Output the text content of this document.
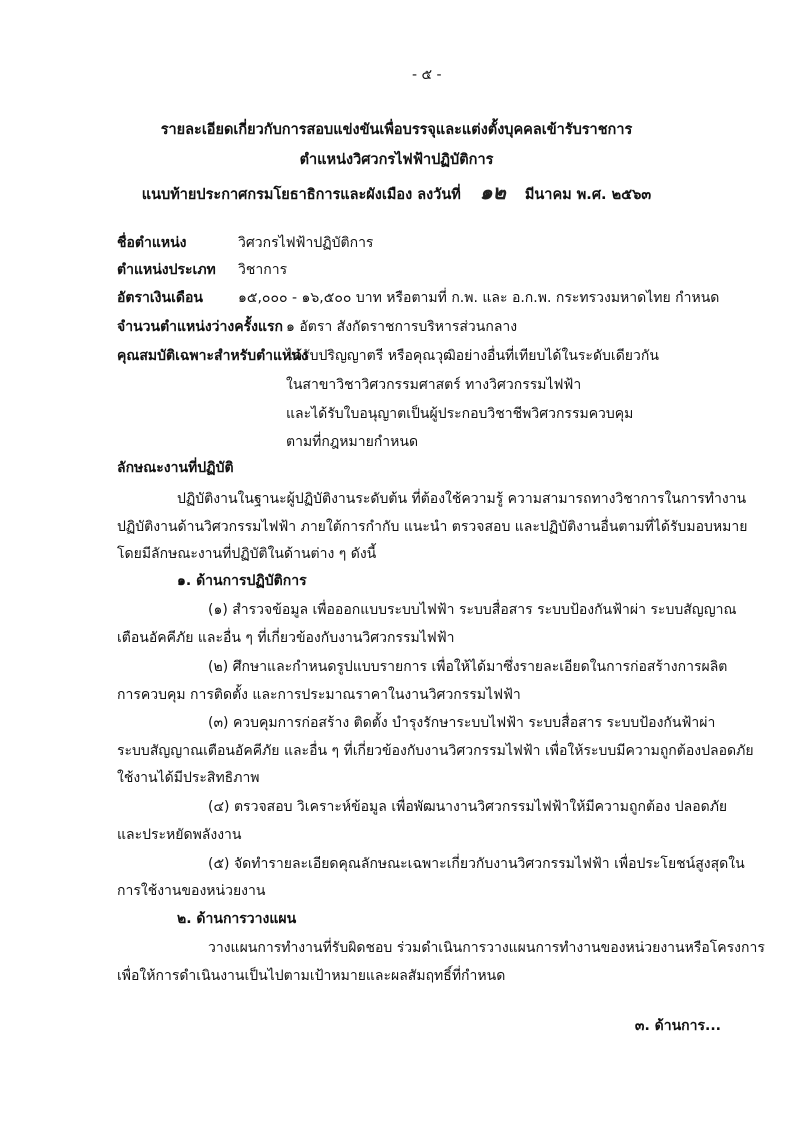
- ๕ -
รายละเอียดเกี่ยวกับการสอบแข่งขันเพื่อบรรจุและแต่งตั้งบุคคลเข้ารับราชการ
ตำแหน่งวิศวกรไฟฟ้าปฏิบัติการ
แนบท้ายประกาศกรมโยธาธิการและผังเมือง ลงวันที่ ๑๒ มีนาคม พ.ศ. ๒๕๖๓
ชื่อตำแหน่ง	วิศวกรไฟฟ้าปฏิบัติการ
ตำแหน่งประเภท วิชาการ
อัตราเงินเดือน	๑๕,๐๐๐ - ๑๖,๕๐๐ บาท หรือตามที่ ก.พ. และ อ.ก.พ. กระทรวงมหาดไทย กำหนด
จำนวนตำแหน่งว่างครั้งแรก ๑ อัตรา สังกัดราชการบริหารส่วนกลาง
คุณสมบัติเฉพาะสำหรับตำแหน่ง
ได้รับปริญญาตรี หรือคุณวุฒิอย่างอื่นที่เทียบได้ในระดับเดียวกัน
ในสาขาวิชาวิศวกรรมศาสตร์ ทางวิศวกรรมไฟฟ้า
และได้รับใบอนุญาตเป็นผู้ประกอบวิชาชีพวิศวกรรมควบคุม
ตามที่กฎหมายกำหนด
ลักษณะงานที่ปฏิบัติ
ปฏิบัติงานในฐานะผู้ปฏิบัติงานระดับต้น ที่ต้องใช้ความรู้ ความสามารถทางวิชาการในการทำงาน
ปฏิบัติงานด้านวิศวกรรมไฟฟ้า ภายใต้การกำกับ แนะนำ ตรวจสอบ และปฏิบัติงานอื่นตามที่ได้รับมอบหมาย
โดยมีลักษณะงานที่ปฏิบัติในด้านต่าง ๆ ดังนี้
๑. ด้านการปฏิบัติการ
(๑) สำรวจข้อมูล เพื่อออกแบบระบบไฟฟ้า ระบบสื่อสาร ระบบป้องกันฟ้าผ่า ระบบสัญญาณ
เตือนอัคคีภัย และอื่น ๆ ที่เกี่ยวข้องกับงานวิศวกรรมไฟฟ้า
(๒) ศึกษาและกำหนดรูปแบบรายการ เพื่อให้ได้มาซึ่งรายละเอียดในการก่อสร้างการผลิต
การควบคุม การติดตั้ง และการประมาณราคาในงานวิศวกรรมไฟฟ้า
(๓) ควบคุมการก่อสร้าง ติดตั้ง บำรุงรักษาระบบไฟฟ้า ระบบสื่อสาร ระบบป้องกันฟ้าผ่า
ระบบสัญญาณเตือนอัคคีภัย และอื่น ๆ ที่เกี่ยวข้องกับงานวิศวกรรมไฟฟ้า เพื่อให้ระบบมีความถูกต้องปลอดภัย
ใช้งานได้มีประสิทธิภาพ
(๔) ตรวจสอบ วิเคราะห์ข้อมูล เพื่อพัฒนางานวิศวกรรมไฟฟ้าให้มีความถูกต้อง ปลอดภัย
และประหยัดพลังงาน
(๕) จัดทำรายละเอียดคุณลักษณะเฉพาะเกี่ยวกับงานวิศวกรรมไฟฟ้า เพื่อประโยชน์สูงสุดใน
การใช้งานของหน่วยงาน
๒. ด้านการวางแผน
วางแผนการทำงานที่รับผิดชอบ ร่วมดำเนินการวางแผนการทำงานของหน่วยงานหรือโครงการ
เพื่อให้การดำเนินงานเป็นไปตามเป้าหมายและผลสัมฤทธิ์ที่กำหนด
๓. ด้านการ...
